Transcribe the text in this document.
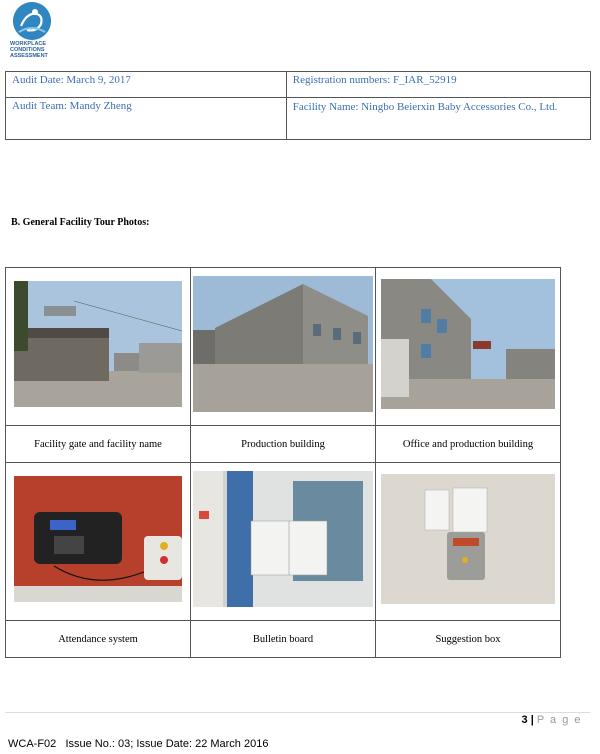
WORKPLACE
CONDITIONS
ASSESSMENT
Audit Date: March 9, 2017	Registration numbers: F_IAR_52919
Audit Team: Mandy Zheng	Facility Name: Ningbo Beierxin Baby Accessories Co., Ltd.
B. General Facility Tour Photos:

Facility gate and facility name	Production building	Office and production building

Attendance system	Bulletin board	Suggestion box
3 | P a g e
WCA-F02 Issue No.: 03; Issue Date: 22 March 2016
